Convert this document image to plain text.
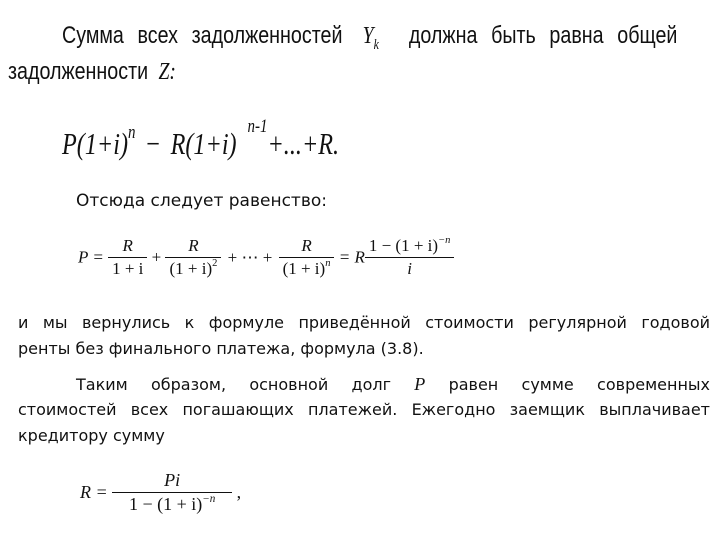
Сумма всех задолженностей $Y_k$ должна быть равна общей
задолженности Z:
$P(1+i)^n - R(1+i)$ $^{n-1}$+...+R.
Отсюда следует равенство:
$P = \frac{R}{1 + i} + \frac{R}{(1 + i)^2}$ + ⋯ + $\frac{R}{(1 + i)^n} = R \frac{1 - (1 + i)^{-n}}{i}$
и мы вернулись к формуле приведённой стоимости регулярной годовой
ренты без финального платежа, формула (3.8).
Таким образом, основной долг P равен сумме современных
стоимостей всех погашающих платежей. Ежегодно заемщик выплачивает
кредитору сумму
$R = \frac{Pi}{1 - (1 + i)^{-n}}$ ,
